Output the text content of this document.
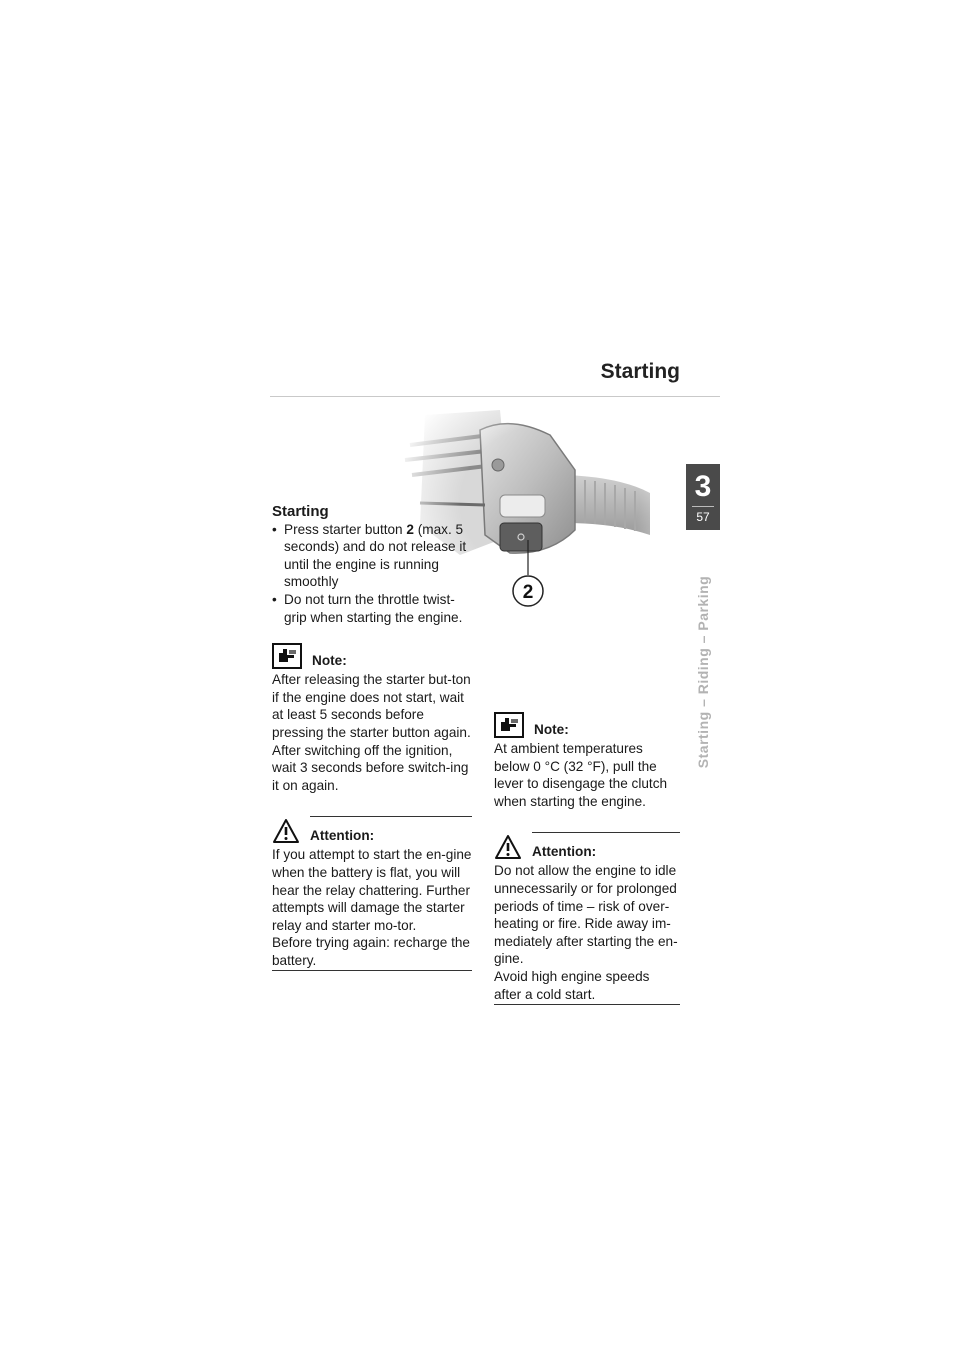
Starting
3
57
Starting – Riding – Parking
2

Starting

• Press starter button 2 (max. 5 seconds) and do not release it until the engine is running smoothly
• Do not turn the throttle twist-grip when starting the engine.
Note:

After releasing the starter but-ton if the engine does not start, wait at least 5 seconds before pressing the starter button again.

After switching off the ignition, wait 3 seconds before switch-ing it on again.

Attention:

If you attempt to start the en-gine when the battery is flat, you will hear the relay chattering. Further attempts will damage the starter relay and starter mo-tor.

Before trying again: recharge the battery.

Note:

At ambient temperatures below 0 °C (32 °F), pull the lever to disengage the clutch when starting the engine.

Attention:

Do not allow the engine to idle unnecessarily or for prolonged periods of time – risk of over-heating or fire. Ride away im-mediately after starting the en-gine.

Avoid high engine speeds after a cold start.
